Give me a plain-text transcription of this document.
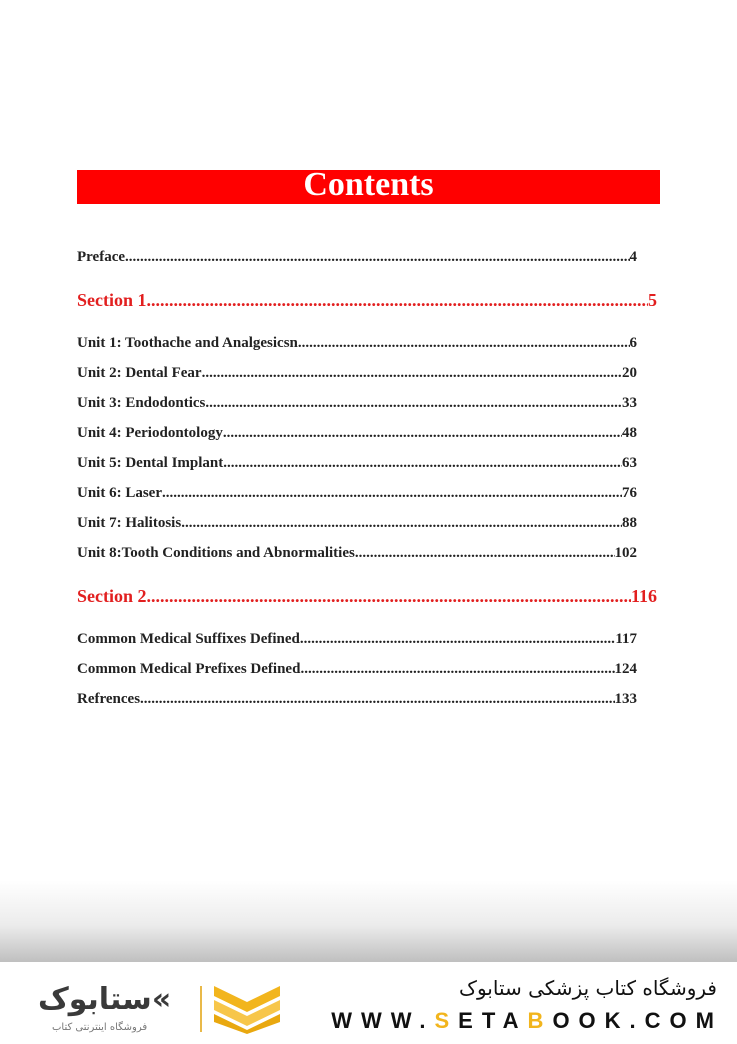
Contents
Preface .....	4
Section 1 .....	5
Unit 1: Toothache and Analgesicsn .....	6
Unit 2: Dental Fear .....	20
Unit 3: Endodontics .....	33
Unit 4: Periodontology .....	48
Unit 5: Dental Implant .....	63
Unit 6: Laser .....	76
Unit 7: Halitosis .....	88
Unit 8:Tooth Conditions and Abnormalities .....	102
Section 2 .....	116
Common Medical Suffixes Defined .....	117
Common Medical Prefixes Defined .....	124
Refrences .....	133
ستابوک«
فروشگاه اینترنتی کتاب
فروشگاه کتاب پزشکی ستابوک
WWW.SETABOOK.COM
